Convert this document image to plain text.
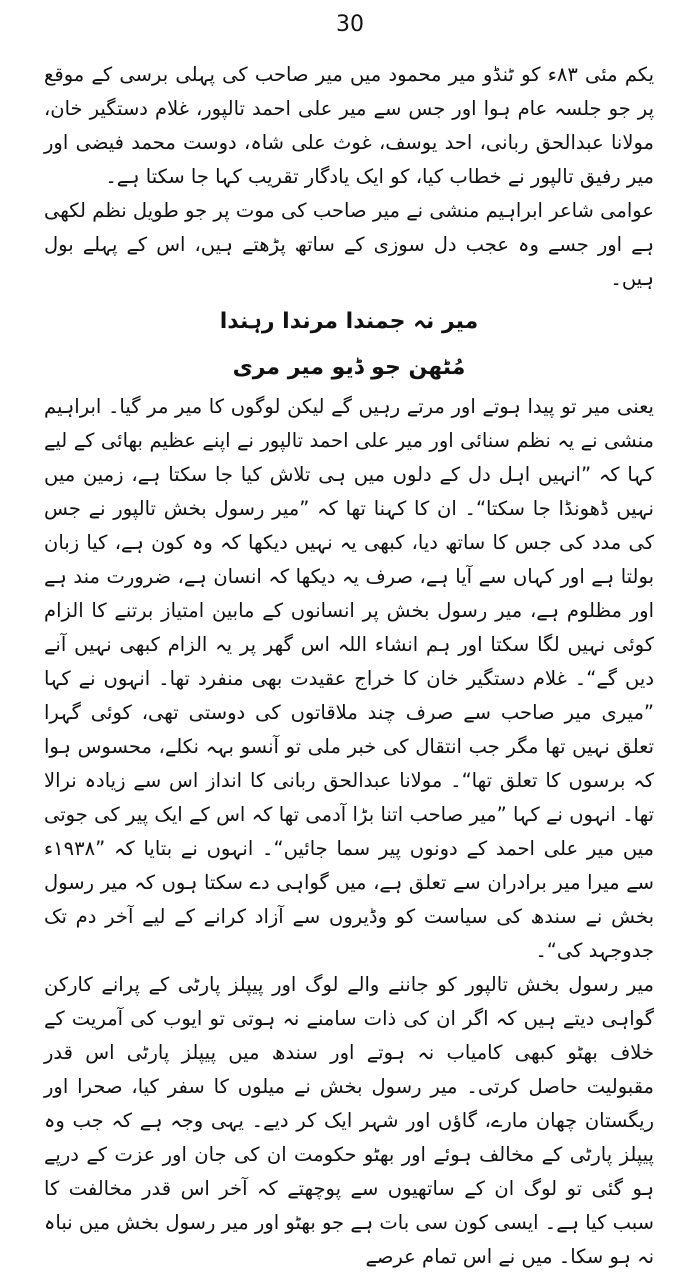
30

یکم مئی ۸۳ء کو ٹنڈو میر محمود میں میر صاحب کی پہلی برسی کے موقع پر جو جلسہ عام ہوا اور جس سے میر علی احمد تالپور، غلام دستگیر خان، مولانا عبدالحق ربانی، احد یوسف، غوث علی شاہ، دوست محمد فیضی اور میر رفیق تالپور نے خطاب کیا، کو ایک یادگار تقریب کہا جا سکتا ہے۔

عوامی شاعر ابراہیم منشی نے میر صاحب کی موت پر جو طویل نظم لکھی ہے اور جسے وہ عجب دل سوزی کے ساتھ پڑھتے ہیں، اس کے پہلے بول ہیں۔

میر نہ جمندا مرندا رہندا
مُٹھن جو ڈیو میر مری

یعنی میر تو پیدا ہوتے اور مرتے رہیں گے لیکن لوگوں کا میر مر گیا۔ ابراہیم منشی نے یہ نظم سنائی اور میر علی احمد تالپور نے اپنے عظیم بھائی کے لیے کہا کہ ”انہیں اہل دل کے دلوں میں ہی تلاش کیا جا سکتا ہے، زمین میں نہیں ڈھونڈا جا سکتا“۔ ان کا کہنا تھا کہ ”میر رسول بخش تالپور نے جس کی مدد کی جس کا ساتھ دیا، کبھی یہ نہیں دیکھا کہ وہ کون ہے، کیا زبان بولتا ہے اور کہاں سے آیا ہے، صرف یہ دیکھا کہ انسان ہے، ضرورت مند ہے اور مظلوم ہے، میر رسول بخش پر انسانوں کے مابین امتیاز برتنے کا الزام کوئی نہیں لگا سکتا اور ہم انشاء اللہ اس گھر پر یہ الزام کبھی نہیں آنے دیں گے“۔ غلام دستگیر خان کا خراج عقیدت بھی منفرد تھا۔ انہوں نے کہا ”میری میر صاحب سے صرف چند ملاقاتوں کی دوستی تھی، کوئی گہرا تعلق نہیں تھا مگر جب انتقال کی خبر ملی تو آنسو بہہ نکلے، محسوس ہوا کہ برسوں کا تعلق تھا“۔ مولانا عبدالحق ربانی کا انداز اس سے زیادہ نرالا تھا۔ انہوں نے کہا ”میر صاحب اتنا بڑا آدمی تھا کہ اس کے ایک پیر کی جوتی میں میر علی احمد کے دونوں پیر سما جائیں“۔ انہوں نے بتایا کہ ”۱۹۳۸ء سے میرا میر برادران سے تعلق ہے، میں گواہی دے سکتا ہوں کہ میر رسول بخش نے سندھ کی سیاست کو وڈیروں سے آزاد کرانے کے لیے آخر دم تک جدوجہد کی“۔

میر رسول بخش تالپور کو جاننے والے لوگ اور پیپلز پارٹی کے پرانے کارکن گواہی دیتے ہیں کہ اگر ان کی ذات سامنے نہ ہوتی تو ایوب کی آمریت کے خلاف بھٹو کبھی کامیاب نہ ہوتے اور سندھ میں پیپلز پارٹی اس قدر مقبولیت حاصل کرتی۔ میر رسول بخش نے میلوں کا سفر کیا، صحرا اور ریگستان چھان مارے، گاؤں اور شہر ایک کر دیے۔ یہی وجہ ہے کہ جب وہ پیپلز پارٹی کے مخالف ہوئے اور بھٹو حکومت ان کی جان اور عزت کے درپے ہو گئی تو لوگ ان کے ساتھیوں سے پوچھتے کہ آخر اس قدر مخالفت کا سبب کیا ہے۔ ایسی کون سی بات ہے جو بھٹو اور میر رسول بخش میں نباہ نہ ہو سکا۔ میں نے اس تمام عرصے
